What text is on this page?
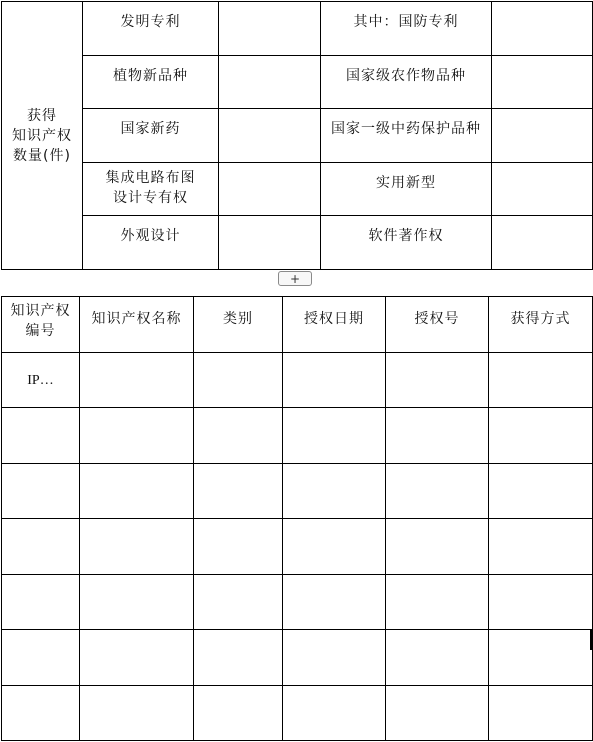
获得
知识产权
数量(件)	发明专利		其中：国防专利	

	植物新品种		国家级农作物品种	

	国家新药		国家一级中药保护品种	

	集成电路布图
设计专有权		实用新型	

	外观设计		软件著作权	

+
知识产权
编号	知识产权名称	类别	授权日期	授权号	获得方式

IP…					
